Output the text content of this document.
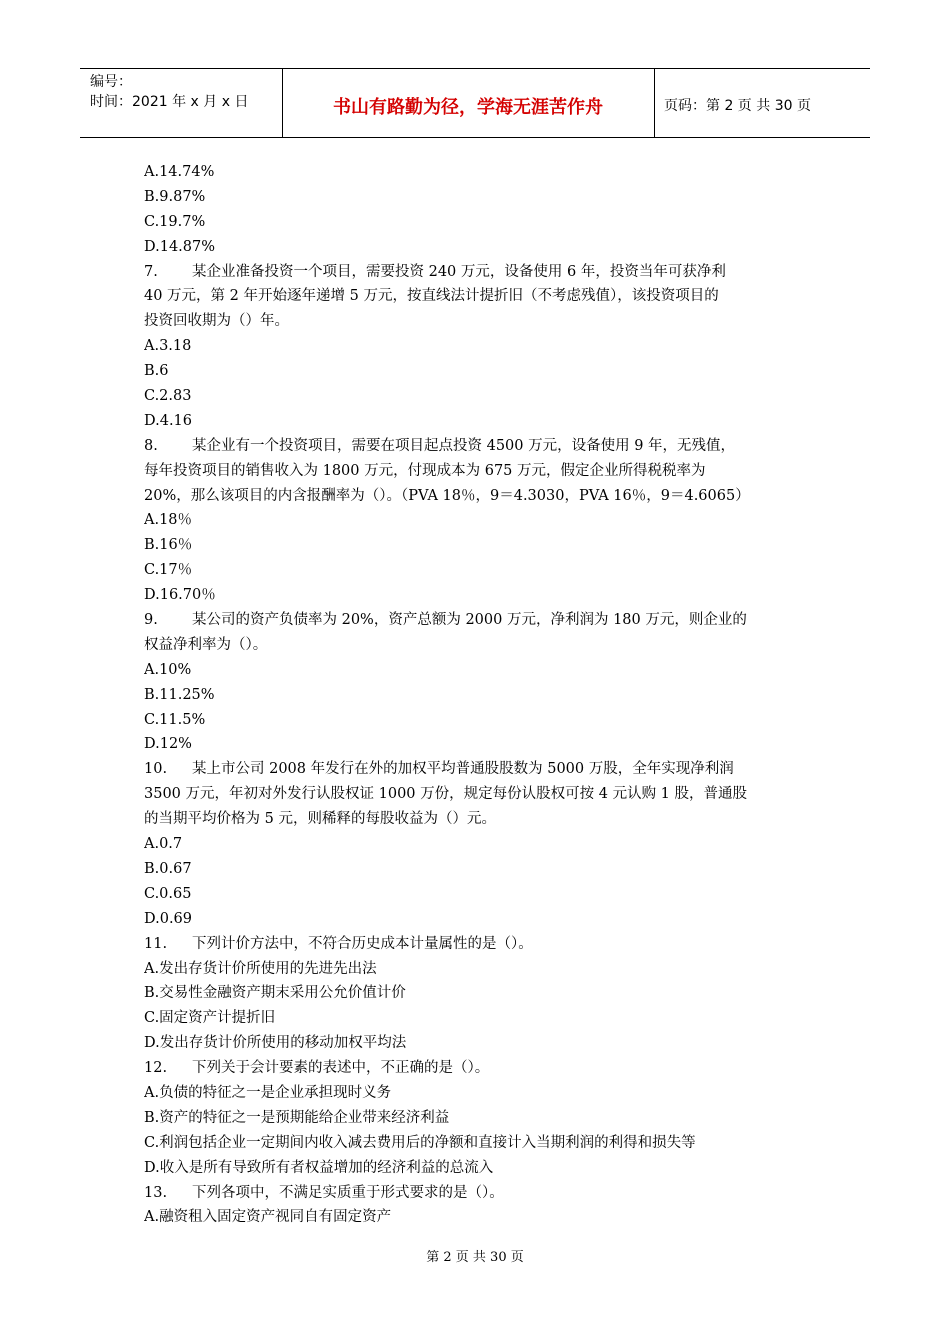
编号：
时间：2021 年 x 月 x 日	书山有路勤为径，学海无涯苦作舟	页码：第 2 页 共 30 页
A.14.74%
B.9.87%
C.19.7%
D.14.87%
7. 某企业准备投资一个项目，需要投资 240 万元，设备使用 6 年，投资当年可获净利
40 万元，第 2 年开始逐年递增 5 万元，按直线法计提折旧（不考虑残值），该投资项目的
投资回收期为（）年。
A.3.18
B.6
C.2.83
D.4.16
8. 某企业有一个投资项目，需要在项目起点投资 4500 万元，设备使用 9 年，无残值，
每年投资项目的销售收入为 1800 万元，付现成本为 675 万元，假定企业所得税税率为
20%，那么该项目的内含报酬率为（）。（PVA 18％，9＝4.3030，PVA 16％，9＝4.6065）
A.18％
B.16％
C.17％
D.16.70％
9. 某公司的资产负债率为 20%，资产总额为 2000 万元，净利润为 180 万元，则企业的
权益净利率为（）。
A.10%
B.11.25%
C.11.5%
D.12%
10. 某上市公司 2008 年发行在外的加权平均普通股股数为 5000 万股，全年实现净利润
3500 万元，年初对外发行认股权证 1000 万份，规定每份认股权可按 4 元认购 1 股，普通股
的当期平均价格为 5 元，则稀释的每股收益为（）元。
A.0.7
B.0.67
C.0.65
D.0.69
11. 下列计价方法中，不符合历史成本计量属性的是（）。
A.发出存货计价所使用的先进先出法
B.交易性金融资产期末采用公允价值计价
C.固定资产计提折旧
D.发出存货计价所使用的移动加权平均法
12. 下列关于会计要素的表述中，不正确的是（）。
A.负债的特征之一是企业承担现时义务
B.资产的特征之一是预期能给企业带来经济利益
C.利润包括企业一定期间内收入减去费用后的净额和直接计入当期利润的利得和损失等
D.收入是所有导致所有者权益增加的经济利益的总流入
13. 下列各项中，不满足实质重于形式要求的是（）。
A.融资租入固定资产视同自有固定资产
第 2 页 共 30 页
